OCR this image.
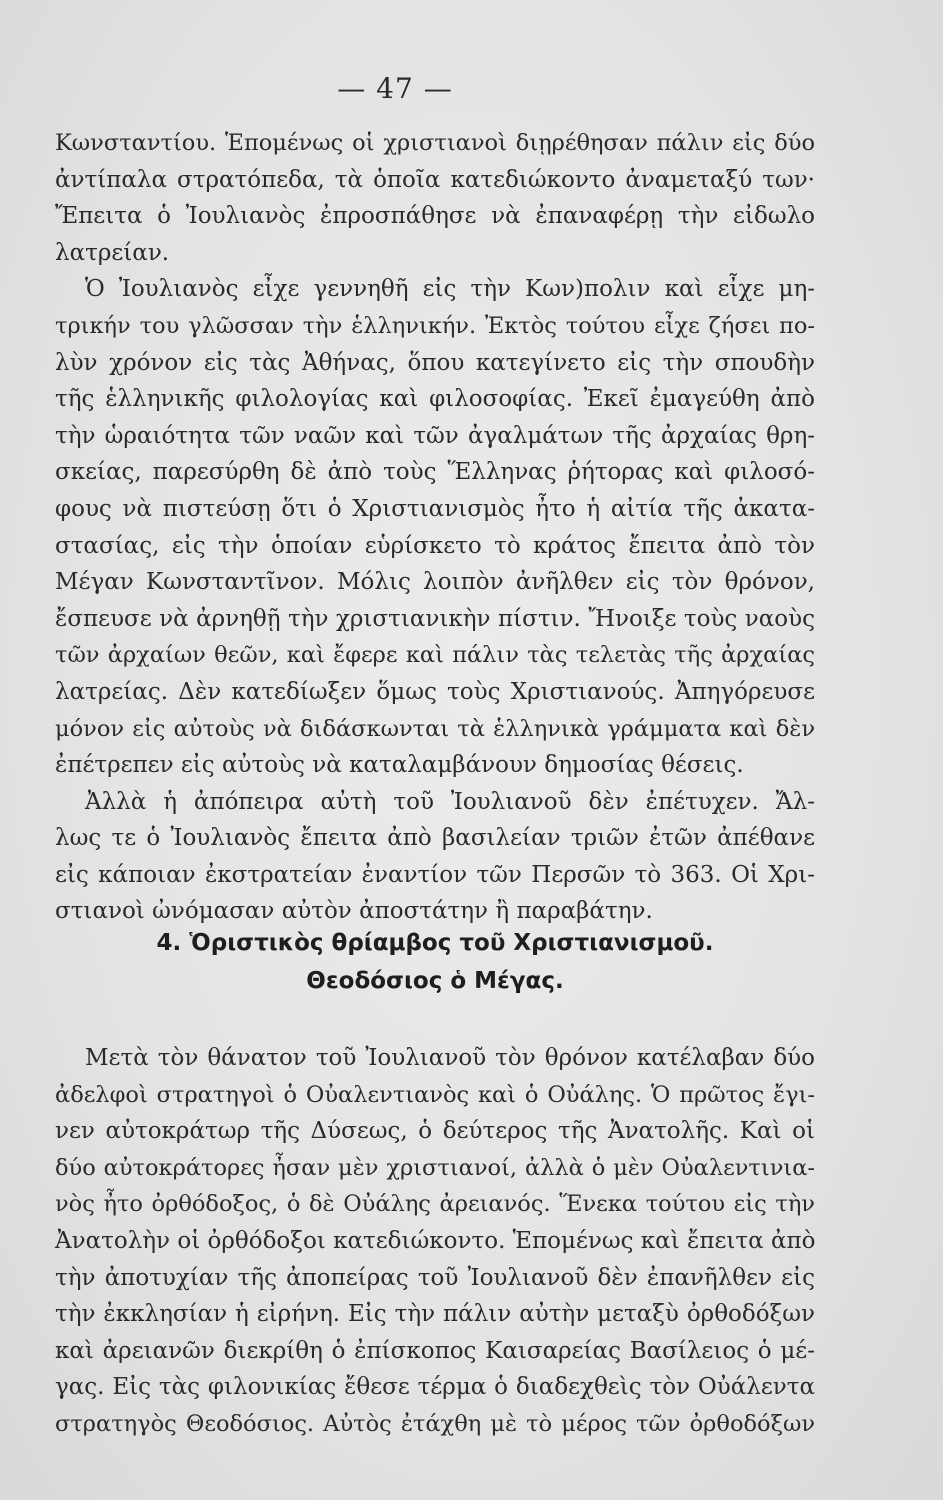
— 47 —
Κωνσταντίου. Ἑπομένως οἱ χριστιανοὶ διῃρέθησαν πάλιν εἰς δύο
ἀντίπαλα στρατόπεδα, τὰ ὁποῖα κατεδιώκοντο ἀναμεταξύ των·
Ἔπειτα ὁ Ἰουλιανὸς ἐπροσπάθησε νὰ ἐπαναφέρῃ τὴν εἰδωλο
λατρείαν.
Ὁ Ἰουλιανὸς εἶχε γεννηθῆ εἰς τὴν Κων)πολιν καὶ εἶχε μη-
τρικήν του γλῶσσαν τὴν ἑλληνικήν. Ἐκτὸς τούτου εἶχε ζήσει πο-
λὺν χρόνον εἰς τὰς Ἀθήνας, ὅπου κατεγίνετο εἰς τὴν σπουδὴν
τῆς ἑλληνικῆς φιλολογίας καὶ φιλοσοφίας. Ἐκεῖ ἐμαγεύθη ἀπὸ
τὴν ὡραιότητα τῶν ναῶν καὶ τῶν ἀγαλμάτων τῆς ἀρχαίας θρη-
σκείας, παρεσύρθη δὲ ἀπὸ τοὺς Ἕλληνας ῥήτορας καὶ φιλοσό-
φους νὰ πιστεύσῃ ὅτι ὁ Χριστιανισμὸς ἦτο ἡ αἰτία τῆς ἀκατα-
στασίας, εἰς τὴν ὁποίαν εὑρίσκετο τὸ κράτος ἔπειτα ἀπὸ τὸν
Μέγαν Κωνσταντῖνον. Μόλις λοιπὸν ἀνῆλθεν εἰς τὸν θρόνον,
ἔσπευσε νὰ ἀρνηθῇ τὴν χριστιανικὴν πίστιν. Ἤνοιξε τοὺς ναοὺς
τῶν ἀρχαίων θεῶν, καὶ ἔφερε καὶ πάλιν τὰς τελετὰς τῆς ἀρχαίας
λατρείας. Δὲν κατεδίωξεν ὅμως τοὺς Χριστιανούς. Ἀπηγόρευσε
μόνον εἰς αὐτοὺς νὰ διδάσκωνται τὰ ἑλληνικὰ γράμματα καὶ δὲν
ἐπέτρεπεν εἰς αὐτοὺς νὰ καταλαμβάνουν δημοσίας θέσεις.
Ἀλλὰ ἡ ἀπόπειρα αὐτὴ τοῦ Ἰουλιανοῦ δὲν ἐπέτυχεν. Ἄλ-
λως τε ὁ Ἰουλιανὸς ἔπειτα ἀπὸ βασιλείαν τριῶν ἐτῶν ἀπέθανε
εἰς κάποιαν ἐκστρατείαν ἐναντίον τῶν Περσῶν τὸ 363. Οἱ Χρι-
στιανοὶ ὠνόμασαν αὐτὸν ἀποστάτην ἢ παραβάτην.
4. Ὁριστικὸς θρίαμβος τοῦ Χριστιανισμοῦ.
Θεοδόσιος ὁ Μέγας.
Μετὰ τὸν θάνατον τοῦ Ἰουλιανοῦ τὸν θρόνον κατέλαβαν δύο
ἀδελφοὶ στρατηγοὶ ὁ Οὐαλεντιανὸς καὶ ὁ Οὐάλης. Ὁ πρῶτος ἔγι-
νεν αὐτοκράτωρ τῆς Δύσεως, ὁ δεύτερος τῆς Ἀνατολῆς. Καὶ οἱ
δύο αὐτοκράτορες ἦσαν μὲν χριστιανοί, ἀλλὰ ὁ μὲν Οὐαλεντινια-
νὸς ἦτο ὀρθόδοξος, ὁ δὲ Οὐάλης ἀρειανός. Ἕνεκα τούτου εἰς τὴν
Ἀνατολὴν οἱ ὀρθόδοξοι κατεδιώκοντο. Ἑπομένως καὶ ἔπειτα ἀπὸ
τὴν ἀποτυχίαν τῆς ἀποπείρας τοῦ Ἰουλιανοῦ δὲν ἐπανῆλθεν εἰς
τὴν ἐκκλησίαν ἡ εἰρήνη. Εἰς τὴν πάλιν αὐτὴν μεταξὺ ὀρθοδόξων
καὶ ἀρειανῶν διεκρίθη ὁ ἐπίσκοπος Καισαρείας Βασίλειος ὁ μέ-
γας. Εἰς τὰς φιλονικίας ἔθεσε τέρμα ὁ διαδεχθεὶς τὸν Οὐάλεντα
στρατηγὸς Θεοδόσιος. Αὐτὸς ἐτάχθη μὲ τὸ μέρος τῶν ὀρθοδόξων
